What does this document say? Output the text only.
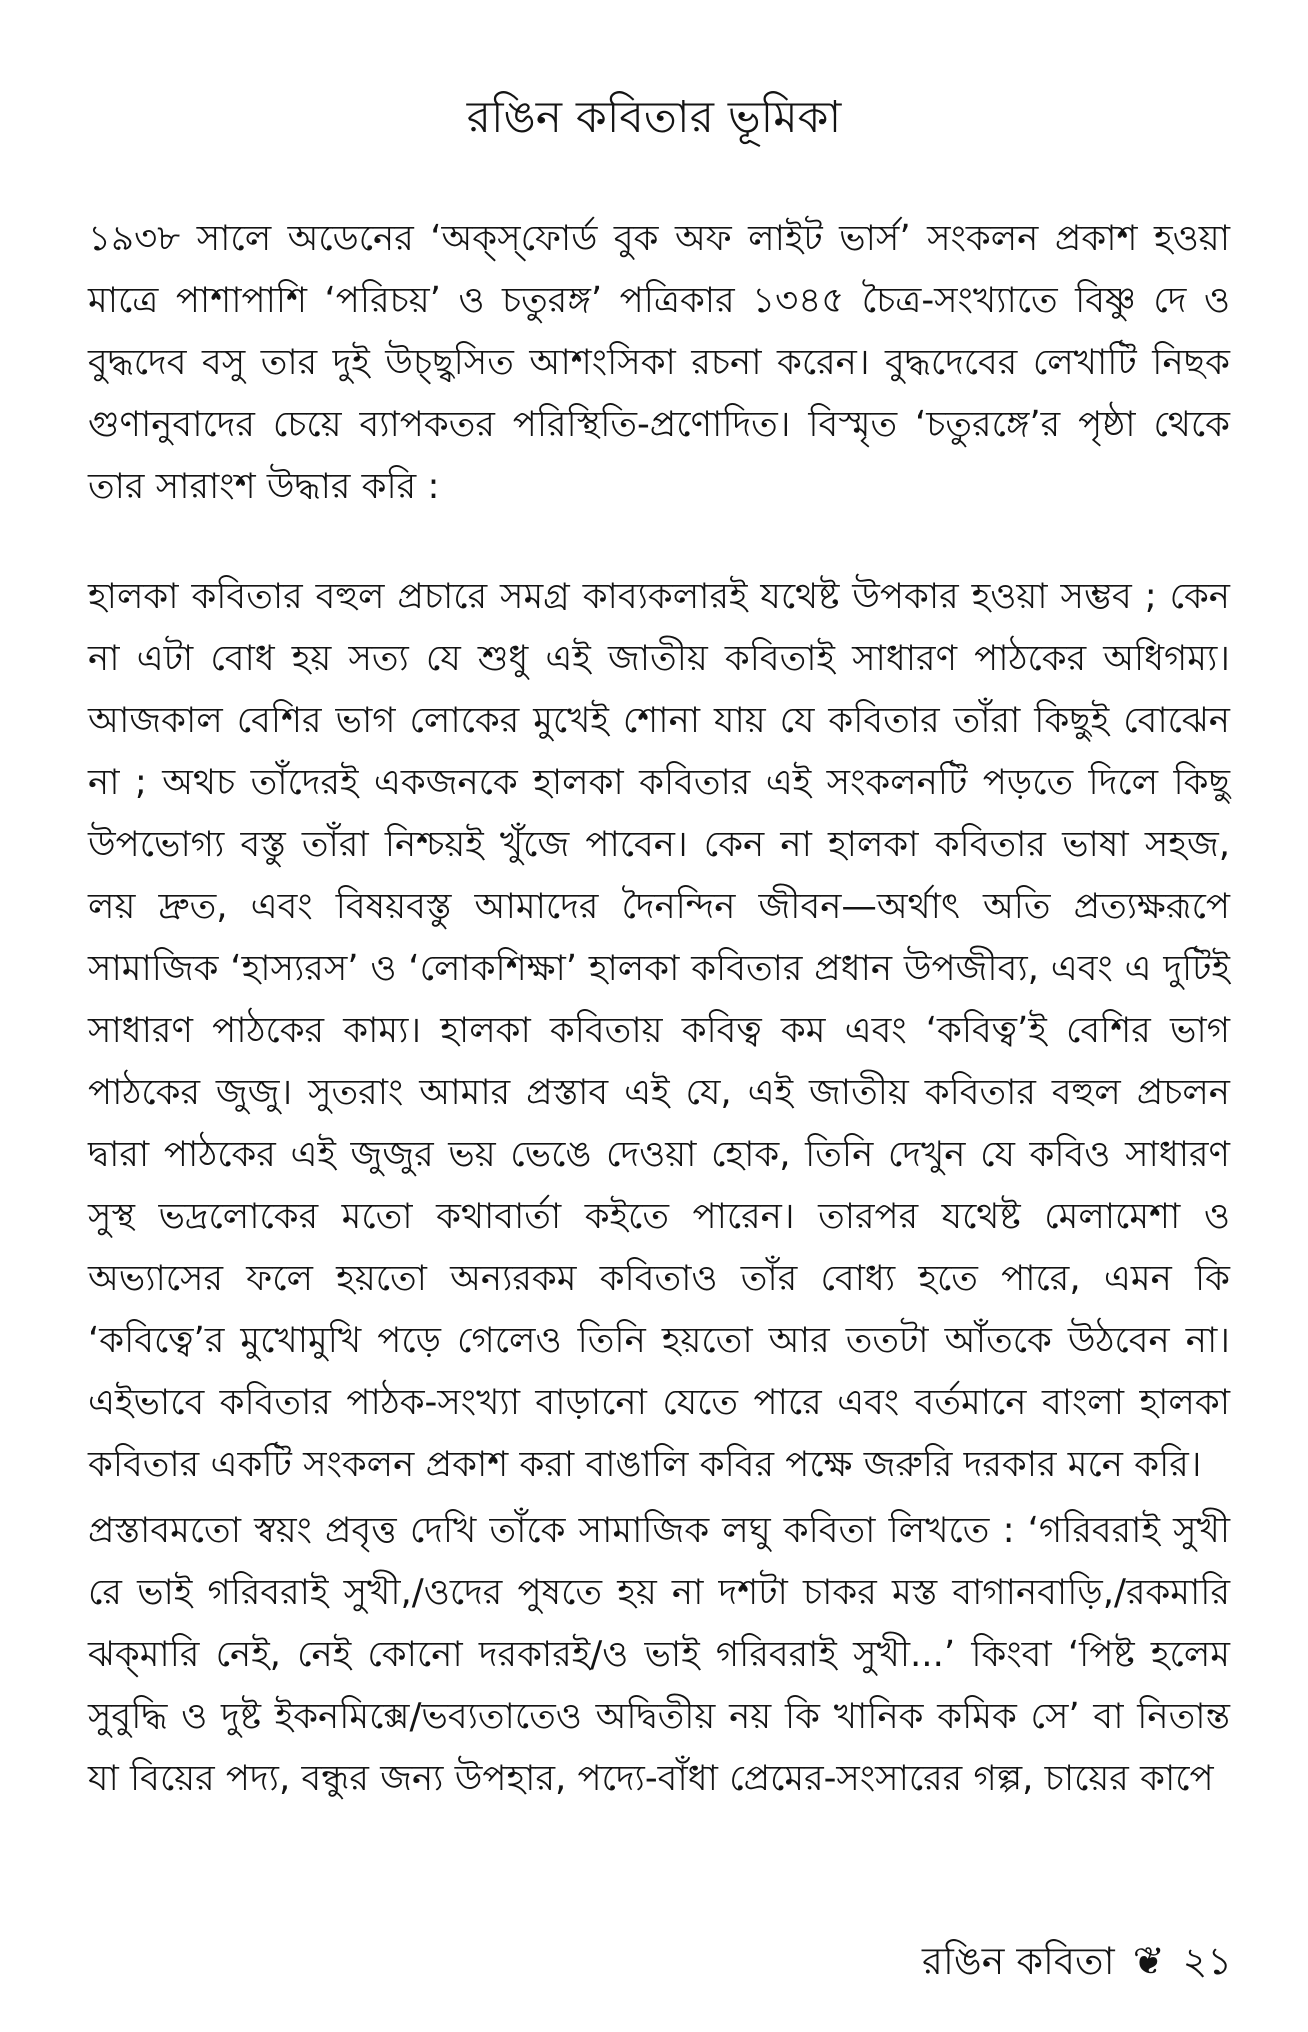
রঙিন কবিতার ভূমিকা

১৯৩৮ সালে অডেনের ‘অক্‌স্‌ফোর্ড বুক অফ লাইট ভার্স’ সংকলন প্রকাশ হওয়া মাত্রে পাশাপাশি ‘পরিচয়’ ও চতুরঙ্গ’ পত্রিকার ১৩৪৫ চৈত্র-সংখ্যাতে বিষ্ণু দে ও বুদ্ধদেব বসু তার দুই উচ্ছ্বসিত আশংসিকা রচনা করেন। বুদ্ধদেবের লেখাটি নিছক গুণানুবাদের চেয়ে ব্যাপকতর পরিস্থিতি-প্রণোদিত। বিস্মৃত ‘চতুরঙ্গে’র পৃষ্ঠা থেকে তার সারাংশ উদ্ধার করি :

হালকা কবিতার বহুল প্রচারে সমগ্র কাব্যকলারই যথেষ্ট উপকার হওয়া সম্ভব ; কেন না এটা বোধ হয় সত্য যে শুধু এই জাতীয় কবিতাই সাধারণ পাঠকের অধিগম্য। আজকাল বেশির ভাগ লোকের মুখেই শোনা যায় যে কবিতার তাঁরা কিছুই বোঝেন না ; অথচ তাঁদেরই একজনকে হালকা কবিতার এই সংকলনটি পড়তে দিলে কিছু উপভোগ্য বস্তু তাঁরা নিশ্চয়ই খুঁজে পাবেন। কেন না হালকা কবিতার ভাষা সহজ, লয় দ্রুত, এবং বিষয়বস্তু আমাদের দৈনন্দিন জীবন—অর্থাৎ অতি প্রত্যক্ষরূপে সামাজিক ‘হাস্যরস’ ও ‘লোকশিক্ষা’ হালকা কবিতার প্রধান উপজীব্য, এবং এ দুটিই সাধারণ পাঠকের কাম্য। হালকা কবিতায় কবিত্ব কম এবং ‘কবিত্ব’ই বেশির ভাগ পাঠকের জুজু। সুতরাং আমার প্রস্তাব এই যে, এই জাতীয় কবিতার বহুল প্রচলন দ্বারা পাঠকের এই জুজুর ভয় ভেঙে দেওয়া হোক, তিনি দেখুন যে কবিও সাধারণ সুস্থ ভদ্রলোকের মতো কথাবার্তা কইতে পারেন। তারপর যথেষ্ট মেলামেশা ও অভ্যাসের ফলে হয়তো অন্যরকম কবিতাও তাঁর বোধ্য হতে পারে, এমন কি ‘কবিত্বে’র মুখোমুখি পড়ে গেলেও তিনি হয়তো আর ততটা আঁতকে উঠবেন না। এইভাবে কবিতার পাঠক-সংখ্যা বাড়ানো যেতে পারে এবং বর্তমানে বাংলা হালকা কবিতার একটি সংকলন প্রকাশ করা বাঙালি কবির পক্ষে জরুরি দরকার মনে করি।

প্রস্তাবমতো স্বয়ং প্রবৃত্ত দেখি তাঁকে সামাজিক লঘু কবিতা লিখতে : ‘গরিবরাই সুখী রে ভাই গরিবরাই সুখী,/ওদের পুষতে হয় না দশটা চাকর মস্ত বাগানবাড়ি,/রকমারি ঝক্‌মারি নেই, নেই কোনো দরকারই/ও ভাই গরিবরাই সুখী...’ কিংবা ‘পিষ্ট হলেম সুবুদ্ধি ও দুষ্ট ইকনমিক্সে/ভব্যতাতেও অদ্বিতীয় নয় কি খানিক কমিক সে’ বা নিতান্ত যা বিয়ের পদ্য, বন্ধুর জন্য উপহার, পদ্যে-বাঁধা প্রেমের-সংসারের গল্প, চায়ের কাপে

রঙিন কবিতা ❦ ২১
